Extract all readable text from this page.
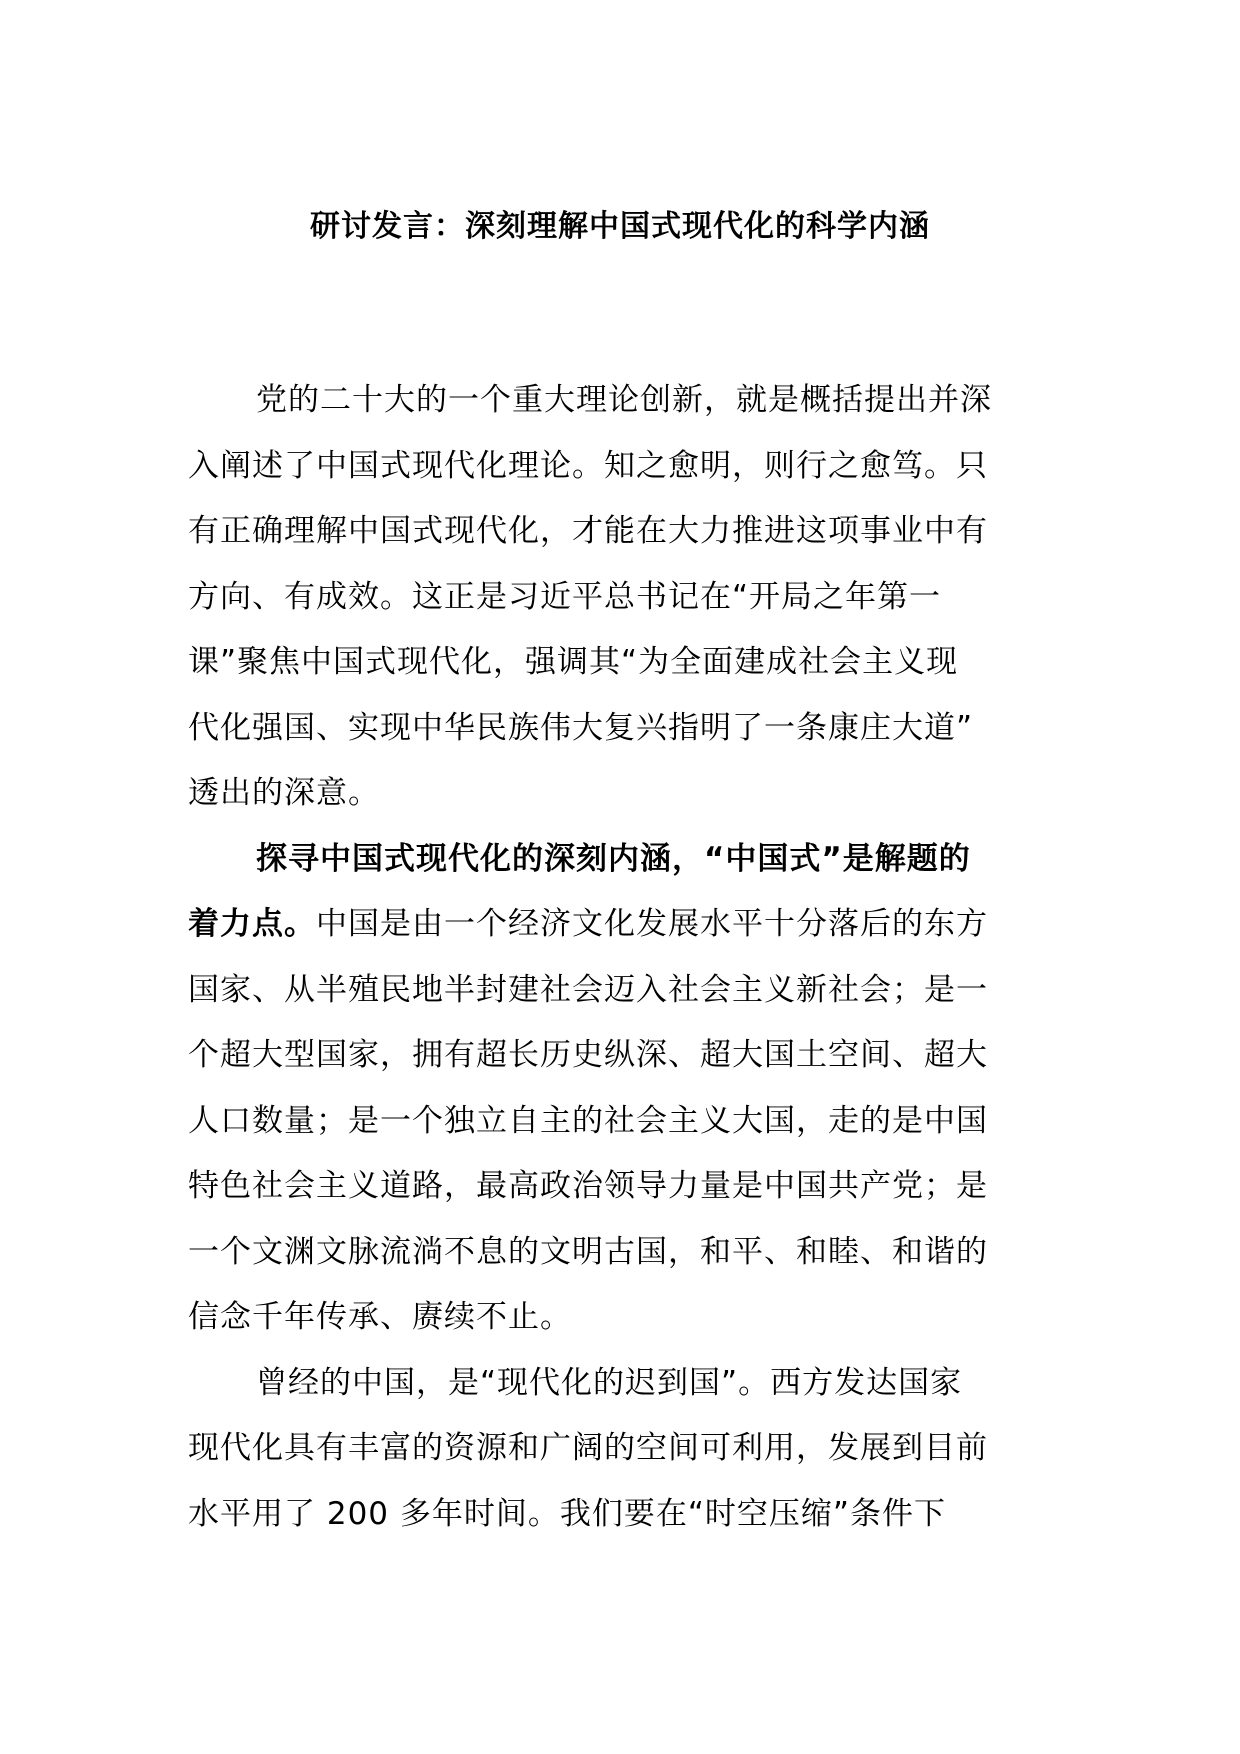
研讨发言：深刻理解中国式现代化的科学内涵
党的二十大的一个重大理论创新，就是概括提出并深
入阐述了中国式现代化理论。知之愈明，则行之愈笃。只
有正确理解中国式现代化，才能在大力推进这项事业中有
方向、有成效。这正是习近平总书记在“开局之年第一
课”聚焦中国式现代化，强调其“为全面建成社会主义现
代化强国、实现中华民族伟大复兴指明了一条康庄大道”
透出的深意。
探寻中国式现代化的深刻内涵，“中国式”是解题的
着力点。中国是由一个经济文化发展水平十分落后的东方
国家、从半殖民地半封建社会迈入社会主义新社会；是一
个超大型国家，拥有超长历史纵深、超大国土空间、超大
人口数量；是一个独立自主的社会主义大国，走的是中国
特色社会主义道路，最高政治领导力量是中国共产党；是
一个文渊文脉流淌不息的文明古国，和平、和睦、和谐的
信念千年传承、赓续不止。
曾经的中国，是“现代化的迟到国”。西方发达国家
现代化具有丰富的资源和广阔的空间可利用，发展到目前
水平用了 200 多年时间。我们要在“时空压缩”条件下
